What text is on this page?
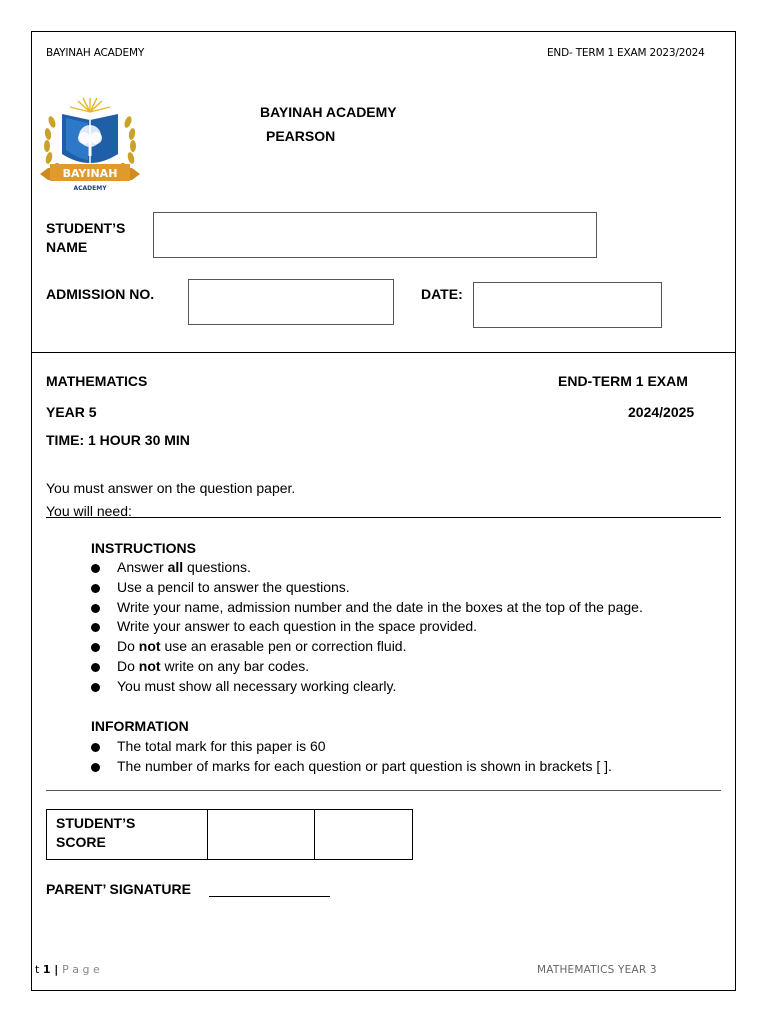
BAYINAH ACADEMY	END- TERM 1 EXAM 2023/2024
BAYINAH
ACADEMY
BAYINAH ACADEMY
PEARSON
STUDENT’S
NAME
ADMISSION NO.	DATE:
MATHEMATICS	END-TERM 1 EXAM
YEAR 5	2024/2025
TIME: 1 HOUR 30 MIN
You must answer on the question paper.
You will need:
INSTRUCTIONS
Answer all questions.
Use a pencil to answer the questions.
Write your name, admission number and the date in the boxes at the top of the page.
Write your answer to each question in the space provided.
Do not use an erasable pen or correction fluid.
Do not write on any bar codes.
You must show all necessary working clearly.
INFORMATION
The total mark for this paper is 60
The number of marks for each question or part question is shown in brackets [ ].
STUDENT’S
SCORE

PARENT’ SIGNATURE
t 1 | P a g e	MATHEMATICS YEAR 3
